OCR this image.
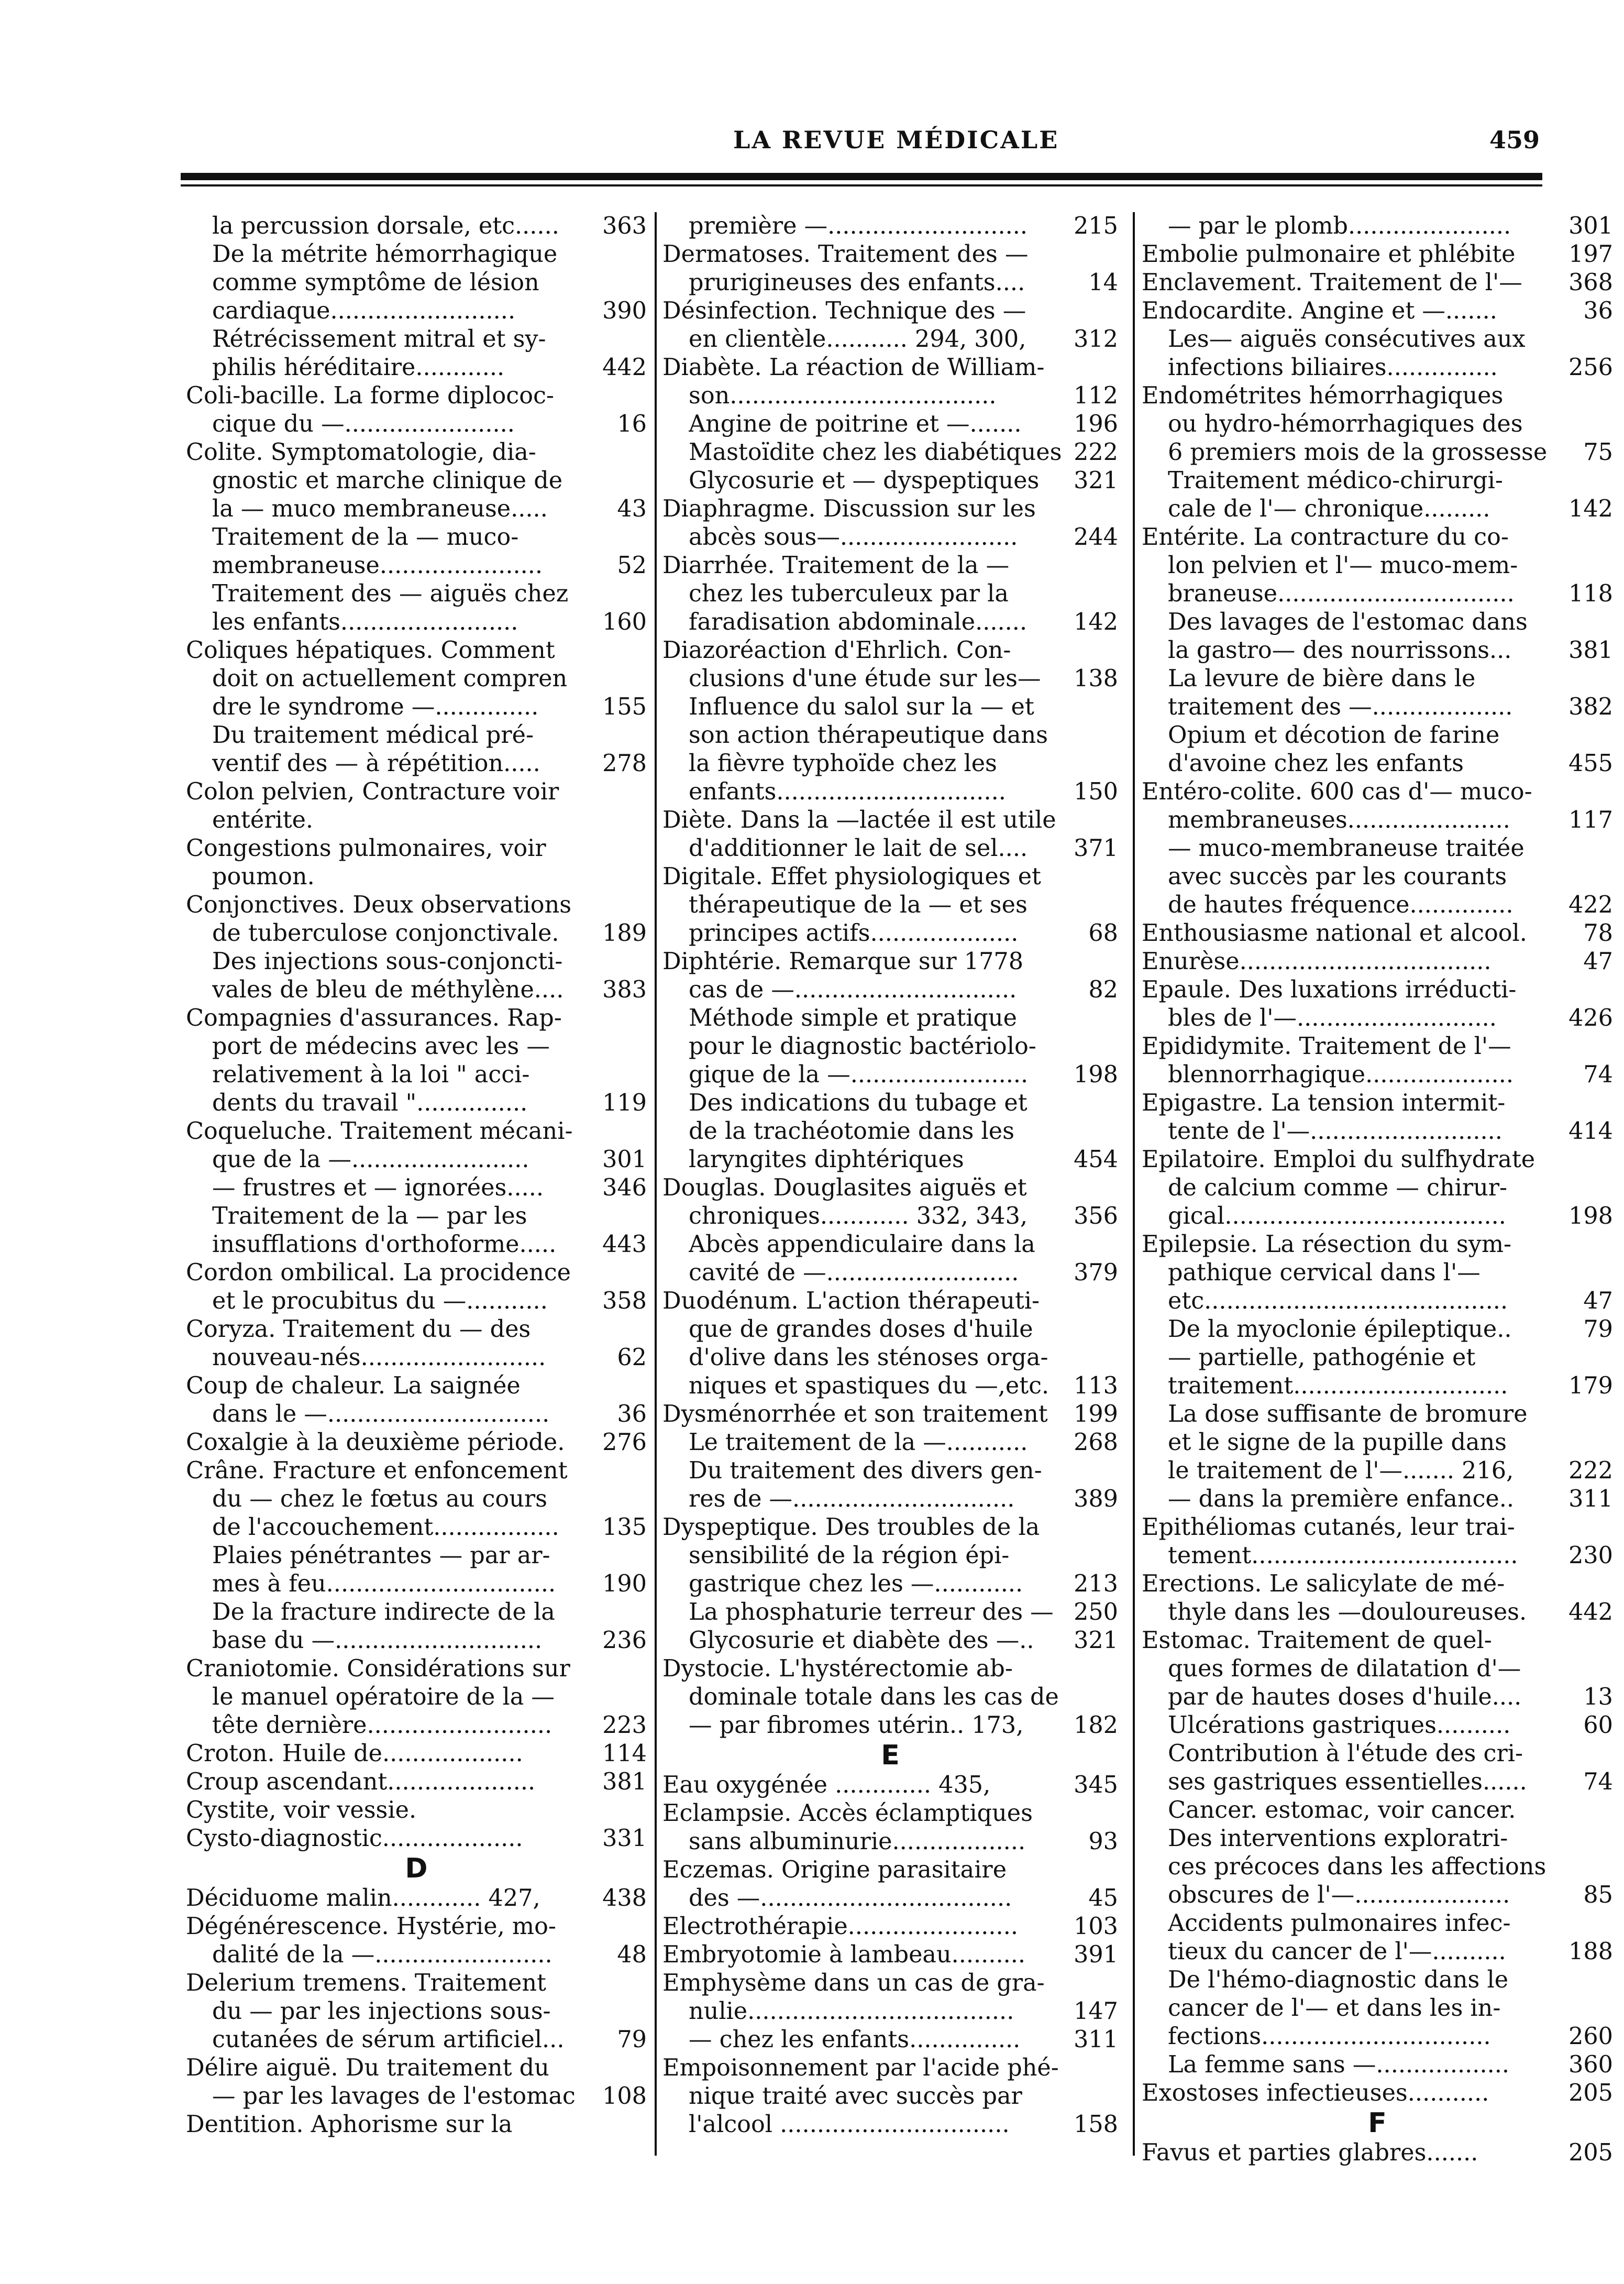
LA REVUE MÉDICALE	459
la percussion dorsale, etc......	363
De la métrite hémorrhagique
comme symptôme de lésion
cardiaque.........................	390
Rétrécissement mitral et sy-
philis héréditaire............	442
Coli-bacille. La forme diplococ-
cique du —.......................	16
Colite. Symptomatologie, dia-
gnostic et marche clinique de
la — muco membraneuse.....	43
Traitement de la — muco-
membraneuse......................	52
Traitement des — aiguës chez
les enfants........................	160
Coliques hépatiques. Comment
doit on actuellement compren
dre le syndrome —..............	155
Du traitement médical pré-
ventif des — à répétition.....	278
Colon pelvien, Contracture voir
entérite.
Congestions pulmonaires, voir
poumon.
Conjonctives. Deux observations
de tuberculose conjonctivale.	189
Des injections sous-conjoncti-
vales de bleu de méthylène....	383
Compagnies d'assurances. Rap-
port de médecins avec les —
relativement à la loi " acci-
dents du travail "...............	119
Coqueluche. Traitement mécani-
que de la —........................	301
— frustres et — ignorées.....	346
Traitement de la — par les
insufflations d'orthoforme.....	443
Cordon ombilical. La procidence
et le procubitus du —...........	358
Coryza. Traitement du — des
nouveau-nés.........................	62
Coup de chaleur. La saignée
dans le —..............................	36
Coxalgie à la deuxième période.	276
Crâne. Fracture et enfoncement
du — chez le fœtus au cours
de l'accouchement.................	135
Plaies pénétrantes — par ar-
mes à feu...............................	190
De la fracture indirecte de la
base du —............................	236
Craniotomie. Considérations sur
le manuel opératoire de la —
tête dernière.........................	223
Croton. Huile de...................	114
Croup ascendant....................	381
Cystite, voir vessie.
Cysto-diagnostic...................	331
D
Déciduome malin............ 427,	438
Dégénérescence. Hystérie, mo-
dalité de la —........................	48
Delerium tremens. Traitement
du — par les injections sous-
cutanées de sérum artificiel...	79
Délire aiguë. Du traitement du
— par les lavages de l'estomac	108
Dentition. Aphorisme sur la
première —...........................	215
Dermatoses. Traitement des —
prurigineuses des enfants....	14
Désinfection. Technique des —
en clientèle........... 294, 300,	312
Diabète. La réaction de William-
son....................................	112
Angine de poitrine et —.......	196
Mastoïdite chez les diabétiques 222
Glycosurie et — dyspeptiques	321
Diaphragme. Discussion sur les
abcès sous—........................	244
Diarrhée. Traitement de la —
chez les tuberculeux par la
faradisation abdominale.......	142
Diazoréaction d'Ehrlich. Con-
clusions d'une étude sur les—	138
Influence du salol sur la — et
son action thérapeutique dans
la fièvre typhoïde chez les
enfants...............................	150
Diète. Dans la —lactée il est utile
d'additionner le lait de sel....	371
Digitale. Effet physiologiques et
thérapeutique de la — et ses
principes actifs....................	68
Diphtérie. Remarque sur 1778
cas de —..............................	82
Méthode simple et pratique
pour le diagnostic bactériolo-
gique de la —........................	198
Des indications du tubage et
de la trachéotomie dans les
laryngites diphtériques	454
Douglas. Douglasites aiguës et
chroniques............ 332, 343,	356
Abcès appendiculaire dans la
cavité de —..........................	379
Duodénum. L'action thérapeuti-
que de grandes doses d'huile
d'olive dans les sténoses orga-
niques et spastiques du —,etc.	113
Dysménorrhée et son traitement	199
Le traitement de la —...........	268
Du traitement des divers gen-
res de —..............................	389
Dyspeptique. Des troubles de la
sensibilité de la région épi-
gastrique chez les —............	213
La phosphaturie terreur des — 250
Glycosurie et diabète des —..	321
Dystocie. L'hystérectomie ab-
dominale totale dans les cas de
— par fibromes utérin.. 173,	182
E
Eau oxygénée ............. 435,	345
Eclampsie. Accès éclamptiques
sans albuminurie..................	93
Eczemas. Origine parasitaire
des —..................................	45
Electrothérapie.......................	103
Embryotomie à lambeau..........	391
Emphysème dans un cas de gra-
nulie....................................	147
— chez les enfants...............	311
Empoisonnement par l'acide phé-
nique traité avec succès par
l'alcool ...............................	158
— par le plomb......................	301
Embolie pulmonaire et phlébite	197
Enclavement. Traitement de l'—	368
Endocardite. Angine et —.......	36
Les— aiguës consécutives aux
infections biliaires...............	256
Endométrites hémorrhagiques
ou hydro-hémorrhagiques des
6 premiers mois de la grossesse	75
Traitement médico-chirurgi-
cale de l'— chronique.........	142
Entérite. La contracture du co-
lon pelvien et l'— muco-mem-
braneuse................................	118
Des lavages de l'estomac dans
la gastro— des nourrissons...	381
La levure de bière dans le
traitement des —...................	382
Opium et décotion de farine
d'avoine chez les enfants	455
Entéro-colite. 600 cas d'— muco-
membraneuses......................	117
— muco-membraneuse traitée
avec succès par les courants
de hautes fréquence..............	422
Enthousiasme national et alcool.	78
Enurèse..................................	47
Epaule. Des luxations irréducti-
bles de l'—...........................	426
Epididymite. Traitement de l'—
blennorrhagique....................	74
Epigastre. La tension intermit-
tente de l'—..........................	414
Epilatoire. Emploi du sulfhydrate
de calcium comme — chirur-
gical......................................	198
Epilepsie. La résection du sym-
pathique cervical dans l'—
etc.........................................	47
De la myoclonie épileptique..	79
— partielle, pathogénie et
traitement.............................	179
La dose suffisante de bromure
et le signe de la pupille dans
le traitement de l'—....... 216,	222
— dans la première enfance..	311
Epithéliomas cutanés, leur trai-
tement....................................	230
Erections. Le salicylate de mé-
thyle dans les —douloureuses.	442
Estomac. Traitement de quel-
ques formes de dilatation d'—
par de hautes doses d'huile....	13
Ulcérations gastriques..........	60
Contribution à l'étude des cri-
ses gastriques essentielles......	74
Cancer. estomac, voir cancer.
Des interventions exploratri-
ces précoces dans les affections
obscures de l'—.....................	85
Accidents pulmonaires infec-
tieux du cancer de l'—..........	188
De l'hémo-diagnostic dans le
cancer de l'— et dans les in-
fections...............................	260
La femme sans —..................	360
Exostoses infectieuses...........	205
F
Favus et parties glabres.......	205
